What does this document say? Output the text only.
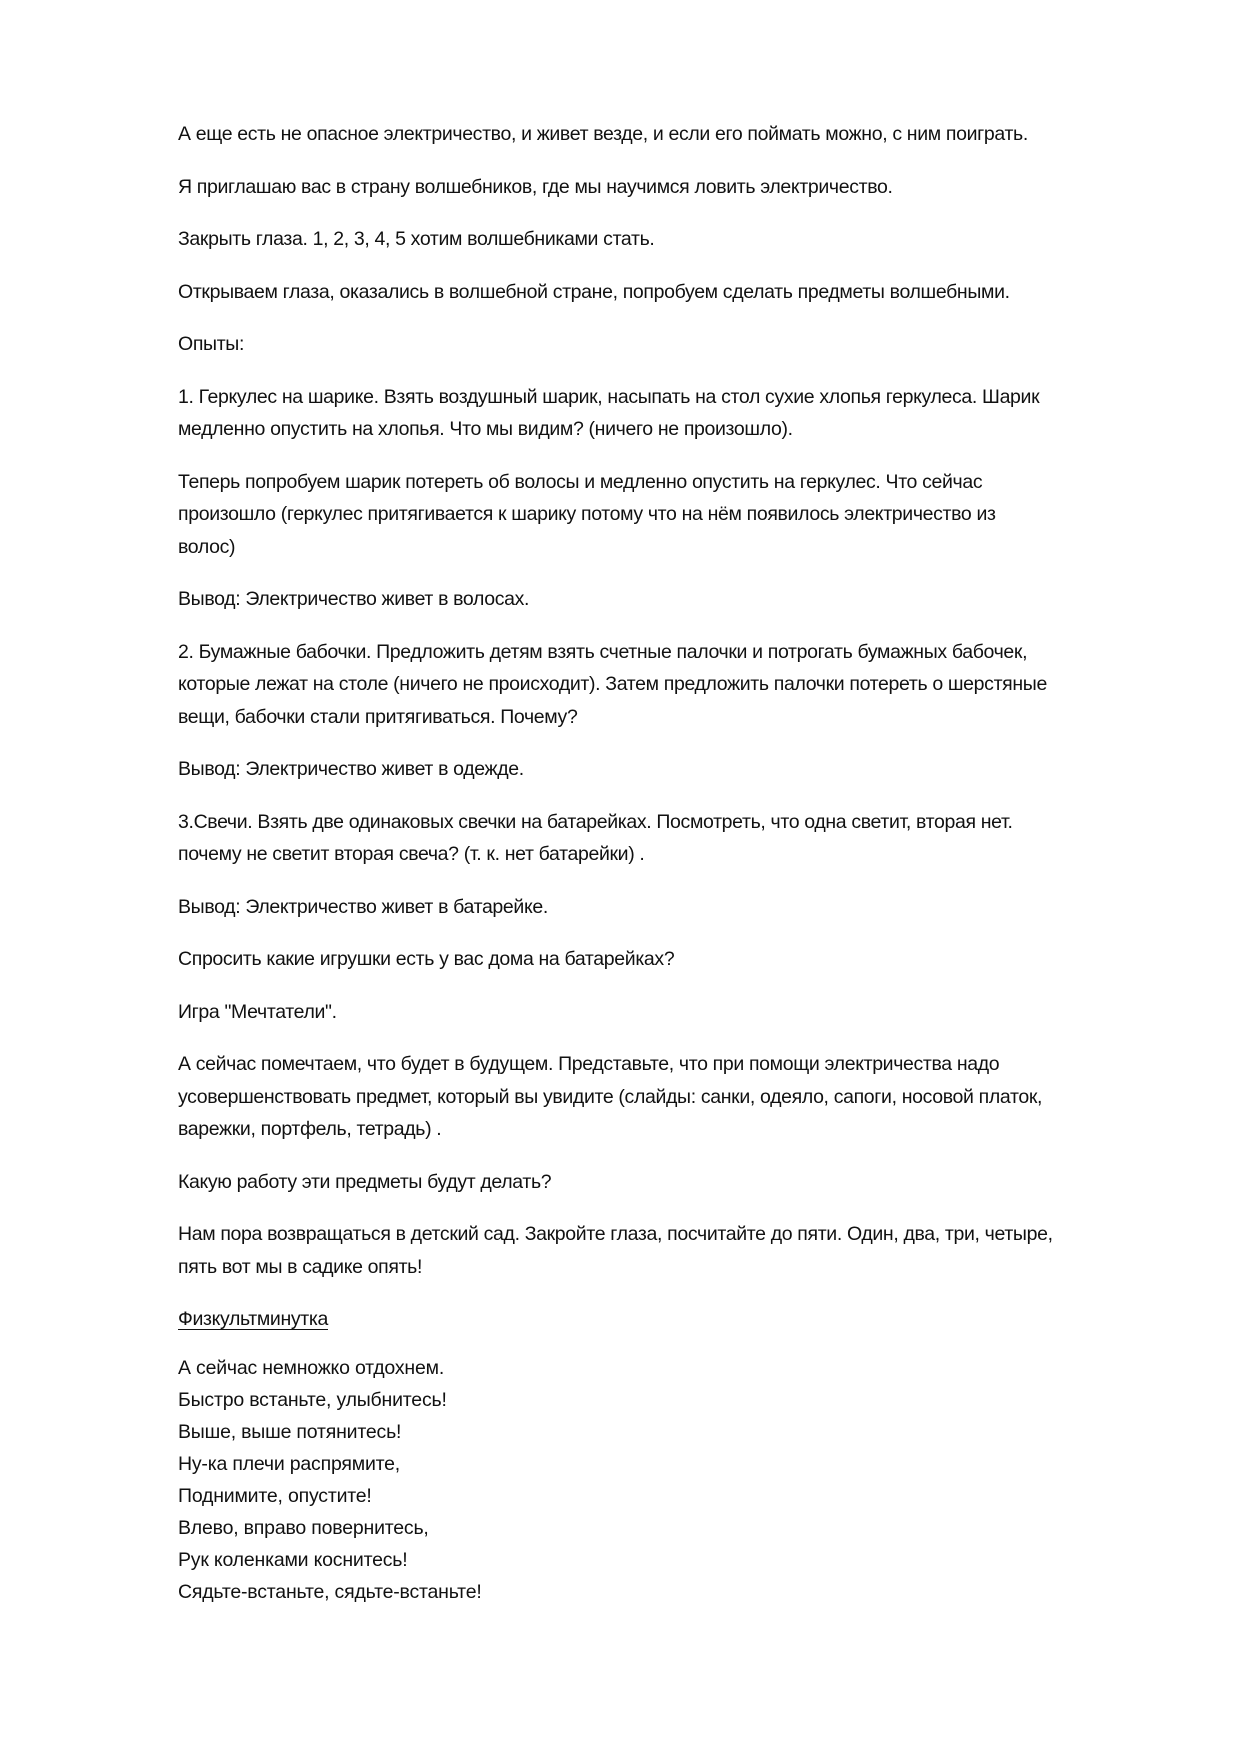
А еще есть не опасное электричество, и живет везде, и если его поймать можно, с ним поиграть.

Я приглашаю вас в страну волшебников, где мы научимся ловить электричество.

Закрыть глаза. 1, 2, 3, 4, 5 хотим волшебниками стать.

Открываем глаза, оказались в волшебной стране, попробуем сделать предметы волшебными.

Опыты:

1. Геркулес на шарике. Взять воздушный шарик, насыпать на стол сухие хлопья геркулеса. Шарик
медленно опустить на хлопья. Что мы видим? (ничего не произошло).

Теперь попробуем шарик потереть об волосы и медленно опустить на геркулес. Что сейчас
произошло (геркулес притягивается к шарику потому что на нём появилось электричество из
волос)

Вывод: Электричество живет в волосах.

2. Бумажные бабочки. Предложить детям взять счетные палочки и потрогать бумажных бабочек,
которые лежат на столе (ничего не происходит). Затем предложить палочки потереть о шерстяные
вещи, бабочки стали притягиваться. Почему?

Вывод: Электричество живет в одежде.

3.Свечи. Взять две одинаковых свечки на батарейках. Посмотреть, что одна светит, вторая нет.
почему не светит вторая свеча? (т. к. нет батарейки) .

Вывод: Электричество живет в батарейке.

Спросить какие игрушки есть у вас дома на батарейках?

Игра "Мечтатели".

А сейчас помечтаем, что будет в будущем. Представьте, что при помощи электричества надо
усовершенствовать предмет, который вы увидите (слайды: санки, одеяло, сапоги, носовой платок,
варежки, портфель, тетрадь) .

Какую работу эти предметы будут делать?

Нам пора возвращаться в детский сад. Закройте глаза, посчитайте до пяти. Один, два, три, четыре,
пять вот мы в садике опять!

Физкультминутка
А сейчас немножко отдохнем.
Быстро встаньте, улыбнитесь!
Выше, выше потянитесь!
Ну-ка плечи распрямите,
Поднимите, опустите!
Влево, вправо повернитесь,
Рук коленками коснитесь!
Сядьте-встаньте, сядьте-встаньте!
